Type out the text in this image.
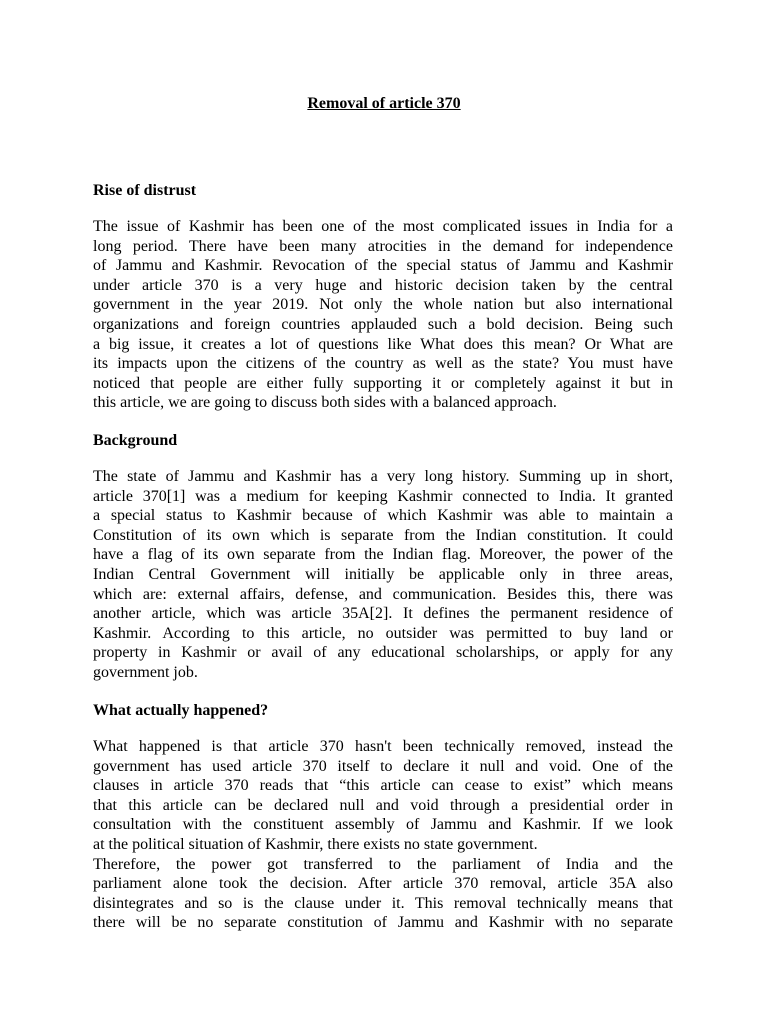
Removal of article 370
Rise of distrust
The issue of Kashmir has been one of the most complicated issues in India for a
long period. There have been many atrocities in the demand for independence
of Jammu and Kashmir. Revocation of the special status of Jammu and Kashmir
under article 370 is a very huge and historic decision taken by the central
government in the year 2019. Not only the whole nation but also international
organizations and foreign countries applauded such a bold decision. Being such
a big issue, it creates a lot of questions like What does this mean? Or What are
its impacts upon the citizens of the country as well as the state? You must have
noticed that people are either fully supporting it or completely against it but in
this article, we are going to discuss both sides with a balanced approach.
Background
The state of Jammu and Kashmir has a very long history. Summing up in short,
article 370[1] was a medium for keeping Kashmir connected to India. It granted
a special status to Kashmir because of which Kashmir was able to maintain a
Constitution of its own which is separate from the Indian constitution. It could
have a flag of its own separate from the Indian flag. Moreover, the power of the
Indian Central Government will initially be applicable only in three areas,
which are: external affairs, defense, and communication. Besides this, there was
another article, which was article 35A[2]. It defines the permanent residence of
Kashmir. According to this article, no outsider was permitted to buy land or
property in Kashmir or avail of any educational scholarships, or apply for any
government job.
What actually happened?
What happened is that article 370 hasn't been technically removed, instead the
government has used article 370 itself to declare it null and void. One of the
clauses in article 370 reads that “this article can cease to exist” which means
that this article can be declared null and void through a presidential order in
consultation with the constituent assembly of Jammu and Kashmir. If we look
at the political situation of Kashmir, there exists no state government.
Therefore, the power got transferred to the parliament of India and the
parliament alone took the decision. After article 370 removal, article 35A also
disintegrates and so is the clause under it. This removal technically means that
there will be no separate constitution of Jammu and Kashmir with no separate
